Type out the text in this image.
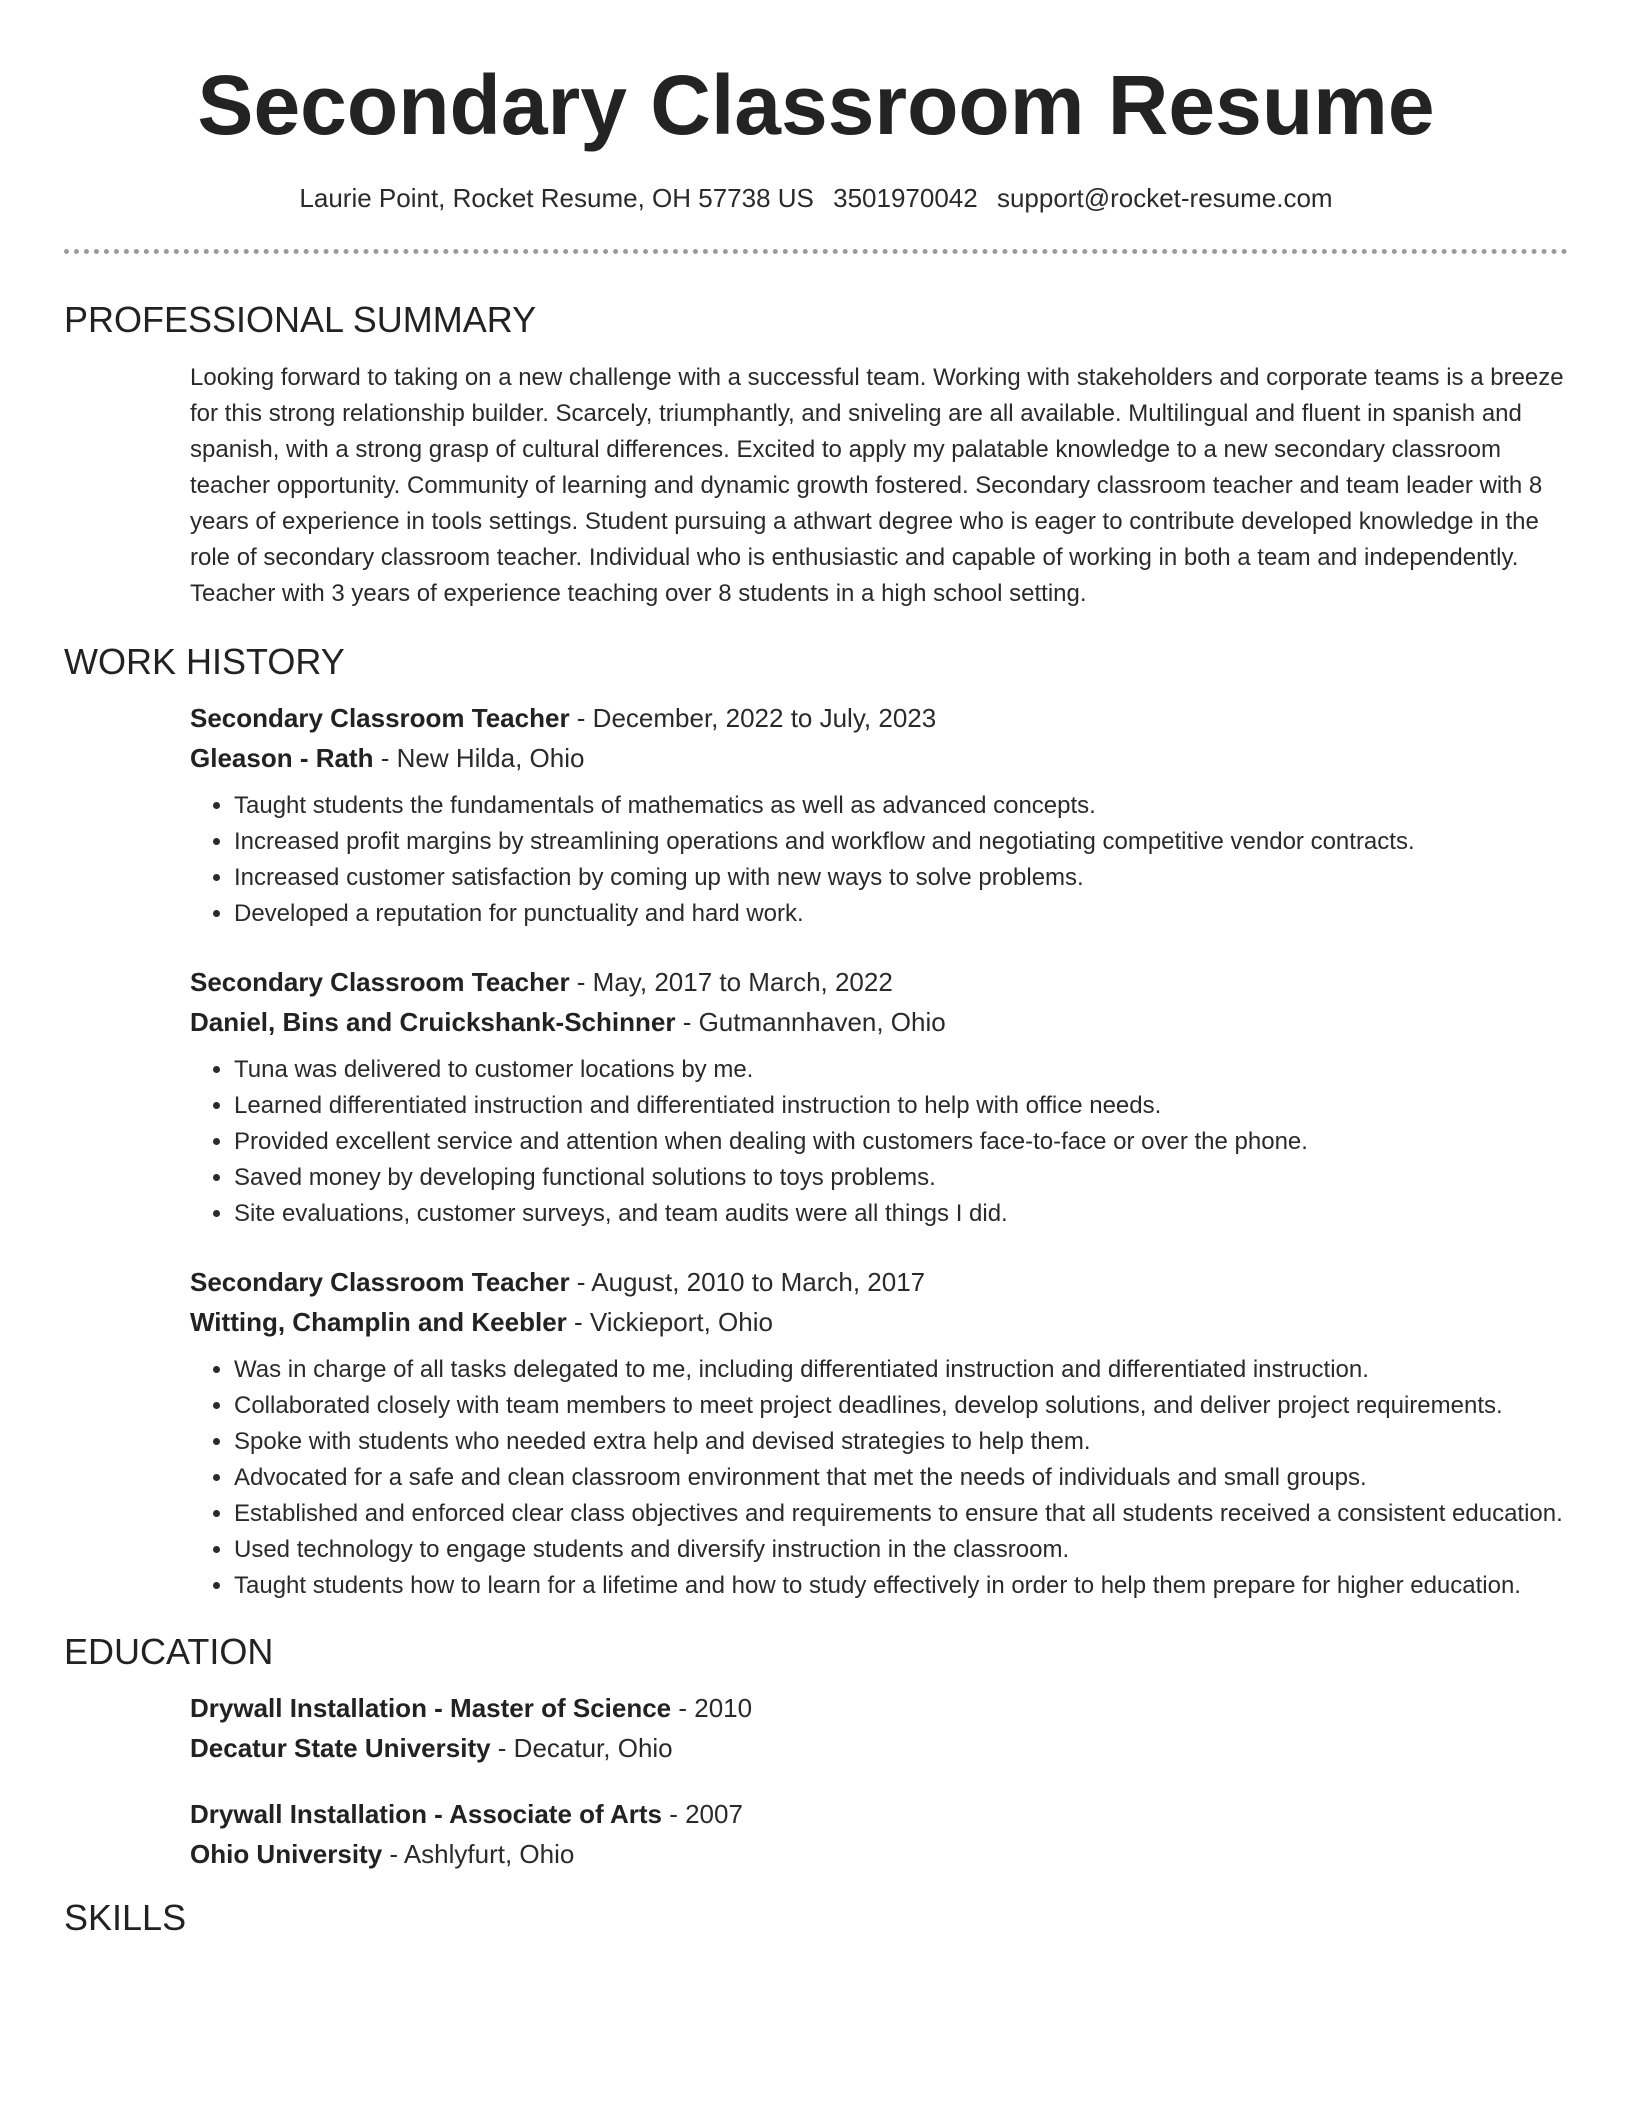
Secondary Classroom Resume
Laurie Point, Rocket Resume, OH 57738 US 3501970042 support@rocket-resume.com
PROFESSIONAL SUMMARY

Looking forward to taking on a new challenge with a successful team. Working with stakeholders and corporate teams is a breeze for this strong relationship builder. Scarcely, triumphantly, and sniveling are all available. Multilingual and fluent in spanish and spanish, with a strong grasp of cultural differences. Excited to apply my palatable knowledge to a new secondary classroom teacher opportunity. Community of learning and dynamic growth fostered. Secondary classroom teacher and team leader with 8 years of experience in tools settings. Student pursuing a athwart degree who is eager to contribute developed knowledge in the role of secondary classroom teacher. Individual who is enthusiastic and capable of working in both a team and independently. Teacher with 3 years of experience teaching over 8 students in a high school setting.

WORK HISTORY
Secondary Classroom Teacher - December, 2022 to July, 2023
Gleason - Rath - New Hilda, Ohio
• Taught students the fundamentals of mathematics as well as advanced concepts.
• Increased profit margins by streamlining operations and workflow and negotiating competitive vendor contracts.
• Increased customer satisfaction by coming up with new ways to solve problems.
• Developed a reputation for punctuality and hard work.
Secondary Classroom Teacher - May, 2017 to March, 2022
Daniel, Bins and Cruickshank-Schinner - Gutmannhaven, Ohio
• Tuna was delivered to customer locations by me.
• Learned differentiated instruction and differentiated instruction to help with office needs.
• Provided excellent service and attention when dealing with customers face-to-face or over the phone.
• Saved money by developing functional solutions to toys problems.
• Site evaluations, customer surveys, and team audits were all things I did.
Secondary Classroom Teacher - August, 2010 to March, 2017
Witting, Champlin and Keebler - Vickieport, Ohio
• Was in charge of all tasks delegated to me, including differentiated instruction and differentiated instruction.
• Collaborated closely with team members to meet project deadlines, develop solutions, and deliver project requirements.
• Spoke with students who needed extra help and devised strategies to help them.
• Advocated for a safe and clean classroom environment that met the needs of individuals and small groups.
• Established and enforced clear class objectives and requirements to ensure that all students received a consistent education.
• Used technology to engage students and diversify instruction in the classroom.
• Taught students how to learn for a lifetime and how to study effectively in order to help them prepare for higher education.
EDUCATION
Drywall Installation - Master of Science - 2010
Decatur State University - Decatur, Ohio
Drywall Installation - Associate of Arts - 2007
Ohio University - Ashlyfurt, Ohio
SKILLS
